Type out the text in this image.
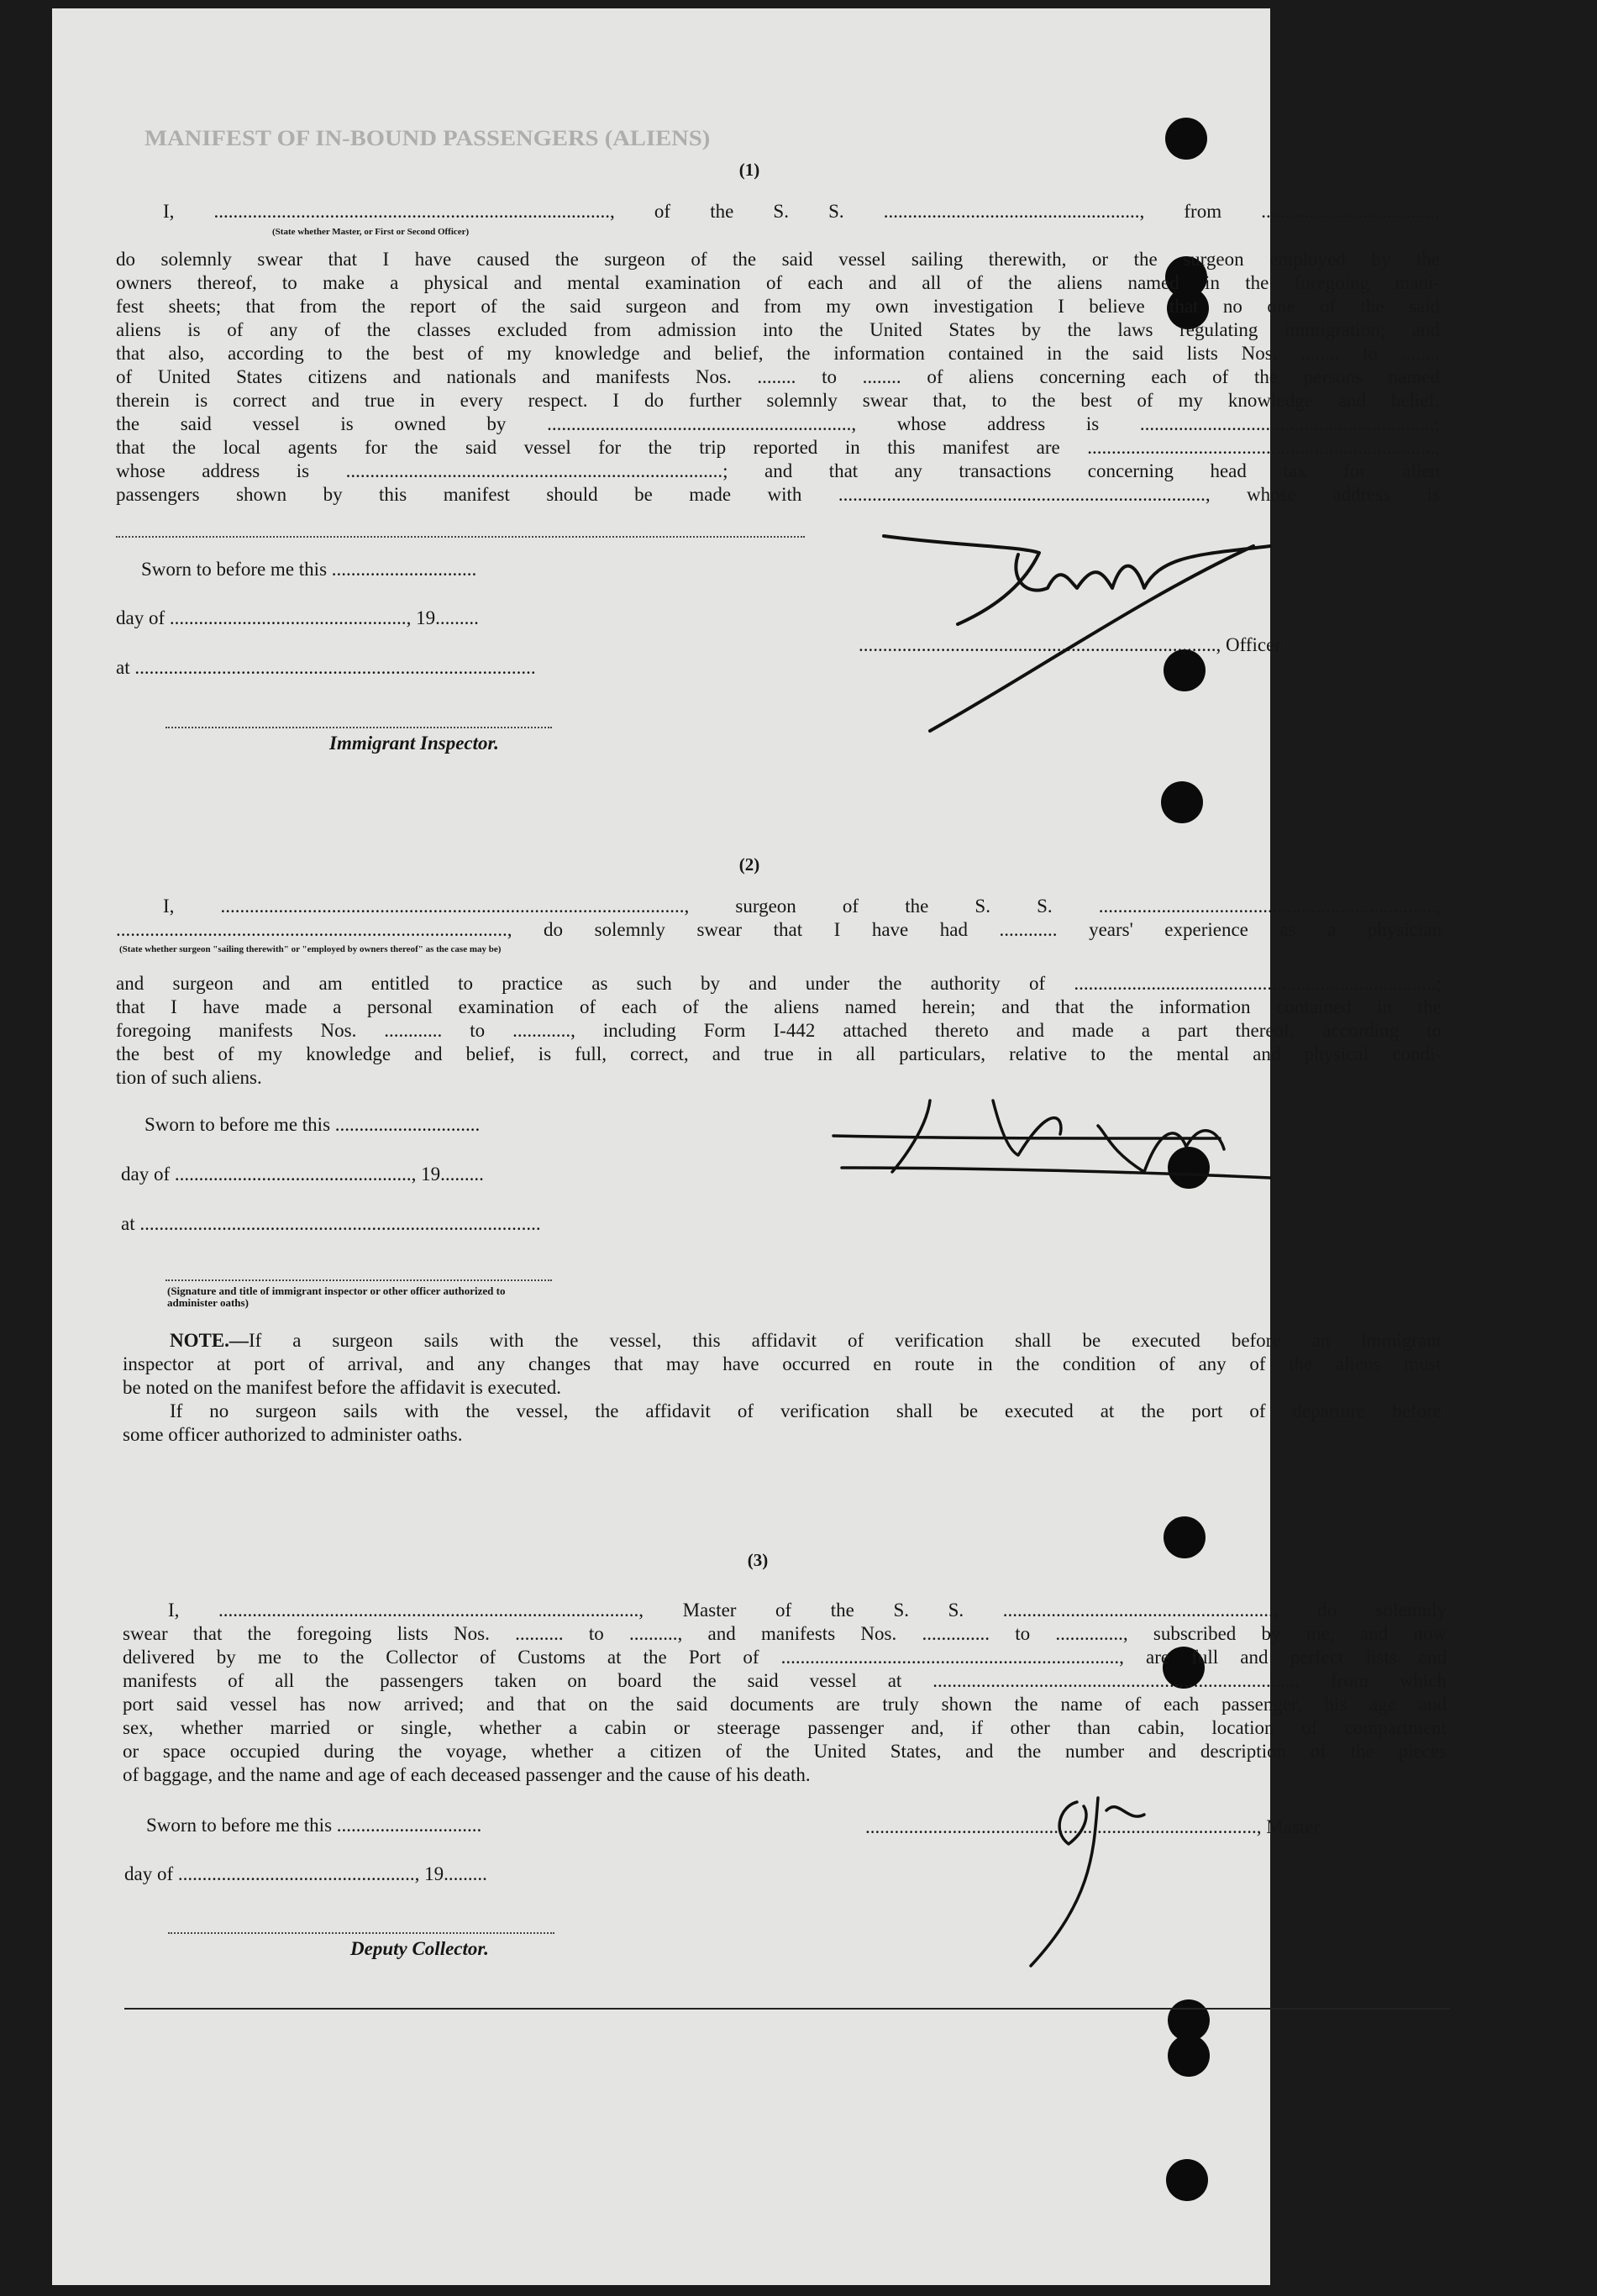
MANIFEST OF IN-BOUND PASSENGERS (ALIENS)
(1)
I, .................................................................................., of the S. S. ....................................................., from ....................................,
(State whether Master, or First or Second Officer)
do solemnly swear that I have caused the surgeon of the said vessel sailing therewith, or the surgeon employed by the
owners thereof, to make a physical and mental examination of each and all of the aliens named in the foregoing mani-
fest sheets; that from the report of the said surgeon and from my own investigation I believe that no one of the said
aliens is of any of the classes excluded from admission into the United States by the laws regulating immigration; and
that also, according to the best of my knowledge and belief, the information contained in the said lists Nos. ........ to ........
of United States citizens and nationals and manifests Nos. ........ to ........ of aliens concerning each of the persons named
therein is correct and true in every respect. I do further solemnly swear that, to the best of my knowledge and belief,
the said vessel is owned by ..............................................................., whose address is .............................................................;
that the local agents for the said vessel for the trip reported in this manifest are ........................................................................,
whose address is ..............................................................................; and that any transactions concerning head tax for alien
passengers shown by this manifest should be made with ............................................................................, whose address is
Sworn to before me this ..............................
day of ................................................., 19.........
at ...................................................................................
Immigrant Inspector.
.........................................................................., Officer
(2)
I, ................................................................................................, surgeon of the S. S. ......................................................................,
................................................................................., do solemnly swear that I have had ............ years' experience as a physician
(State whether surgeon "sailing therewith" or "employed by owners thereof" as the case may be)
and surgeon and am entitled to practice as such by and under the authority of ...........................................................................;
that I have made a personal examination of each of the aliens named herein; and that the information contained in the
foregoing manifests Nos. ............ to ............, including Form I-442 attached thereto and made a part thereof, according to
the best of my knowledge and belief, is full, correct, and true in all particulars, relative to the mental and physical condi-
tion of such aliens.
Sworn to before me this ..............................
day of ................................................., 19.........
at ...................................................................................
(Signature and title of immigrant inspector or other officer authorized to administer oaths)
NOTE.—If a surgeon sails with the vessel, this affidavit of verification shall be executed before an immigrant
inspector at port of arrival, and any changes that may have occurred en route in the condition of any of the aliens must
be noted on the manifest before the affidavit is executed.
If no surgeon sails with the vessel, the affidavit of verification shall be executed at the port of departure before
some officer authorized to administer oaths.
(3)
I, ......................................................................................., Master of the S. S. ........................................................, do solemnly
swear that the foregoing lists Nos. .......... to .........., and manifests Nos. .............. to .............., subscribed by me, and now
delivered by me to the Collector of Customs at the Port of ......................................................................, are full and perfect lists and
manifests of all the passengers taken on board the said vessel at ..........................................................................., from which
port said vessel has now arrived; and that on the said documents are truly shown the name of each passenger, his age and
sex, whether married or single, whether a cabin or steerage passenger and, if other than cabin, location of compartment
or space occupied during the voyage, whether a citizen of the United States, and the number and description of the pieces
of baggage, and the name and age of each deceased passenger and the cause of his death.
Sworn to before me this ..............................
day of ................................................., 19.........
Deputy Collector.
................................................................................., Master
